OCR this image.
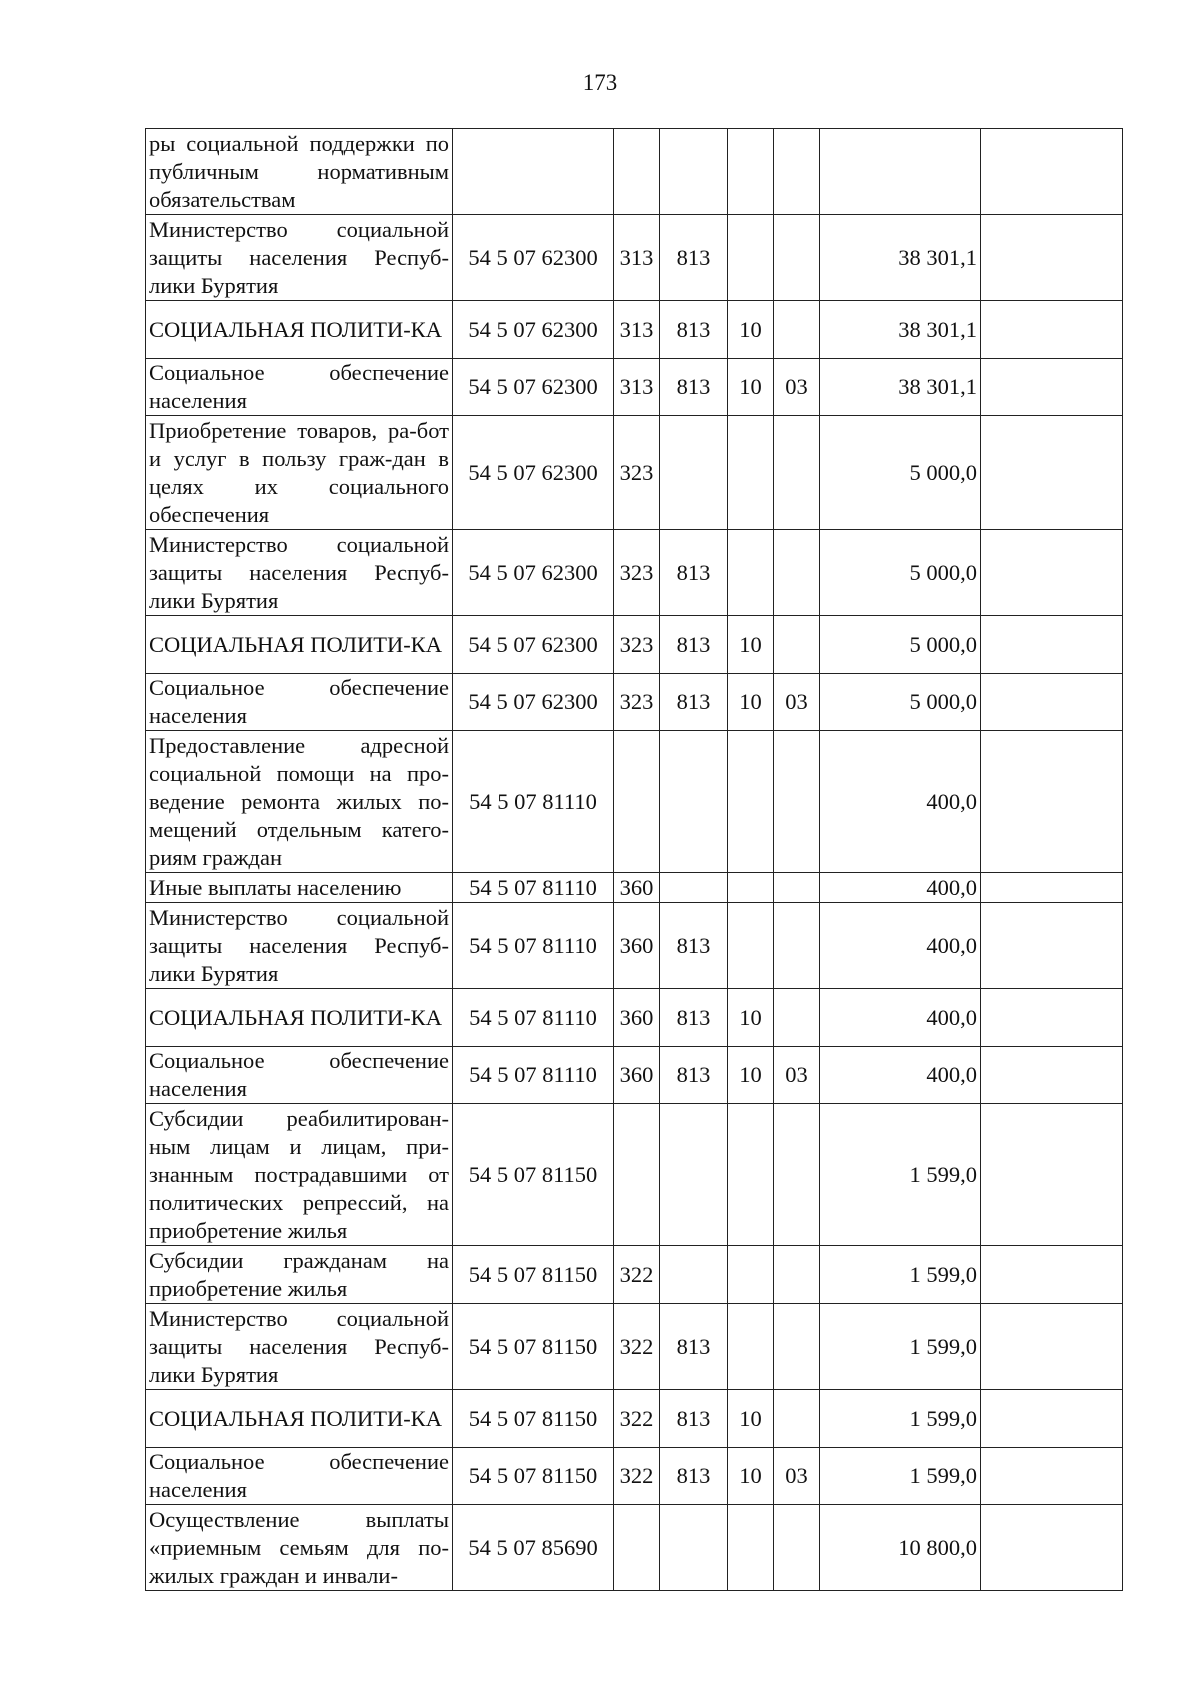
173
ры социальной поддержки по публичным нормативным обязательствам							
Министерство социальной защиты населения Респуб-лики Бурятия	54 5 07 62300	313	813			38 301,1	
СОЦИАЛЬНАЯ ПОЛИТИ-КА	54 5 07 62300	313	813	10		38 301,1	
Социальное обеспечение населения	54 5 07 62300	313	813	10	03	38 301,1	
Приобретение товаров, ра-бот и услуг в пользу граж-дан в целях их социального обеспечения	54 5 07 62300	323				5 000,0	
Министерство социальной защиты населения Респуб-лики Бурятия	54 5 07 62300	323	813			5 000,0	
СОЦИАЛЬНАЯ ПОЛИТИ-КА	54 5 07 62300	323	813	10		5 000,0	
Социальное обеспечение населения	54 5 07 62300	323	813	10	03	5 000,0	
Предоставление адресной социальной помощи на про-ведение ремонта жилых по-мещений отдельным катего-риям граждан	54 5 07 81110					400,0	
Иные выплаты населению	54 5 07 81110	360				400,0	
Министерство социальной защиты населения Респуб-лики Бурятия	54 5 07 81110	360	813			400,0	
СОЦИАЛЬНАЯ ПОЛИТИ-КА	54 5 07 81110	360	813	10		400,0	
Социальное обеспечение населения	54 5 07 81110	360	813	10	03	400,0	
Субсидии реабилитирован-ным лицам и лицам, при-знанным пострадавшими от политических репрессий, на приобретение жилья	54 5 07 81150					1 599,0	
Субсидии гражданам на приобретение жилья	54 5 07 81150	322				1 599,0	
Министерство социальной защиты населения Респуб-лики Бурятия	54 5 07 81150	322	813			1 599,0	
СОЦИАЛЬНАЯ ПОЛИТИ-КА	54 5 07 81150	322	813	10		1 599,0	
Социальное обеспечение населения	54 5 07 81150	322	813	10	03	1 599,0	
Осуществление выплаты «приемным семьям для по-жилых граждан и инвали-	54 5 07 85690					10 800,0	
